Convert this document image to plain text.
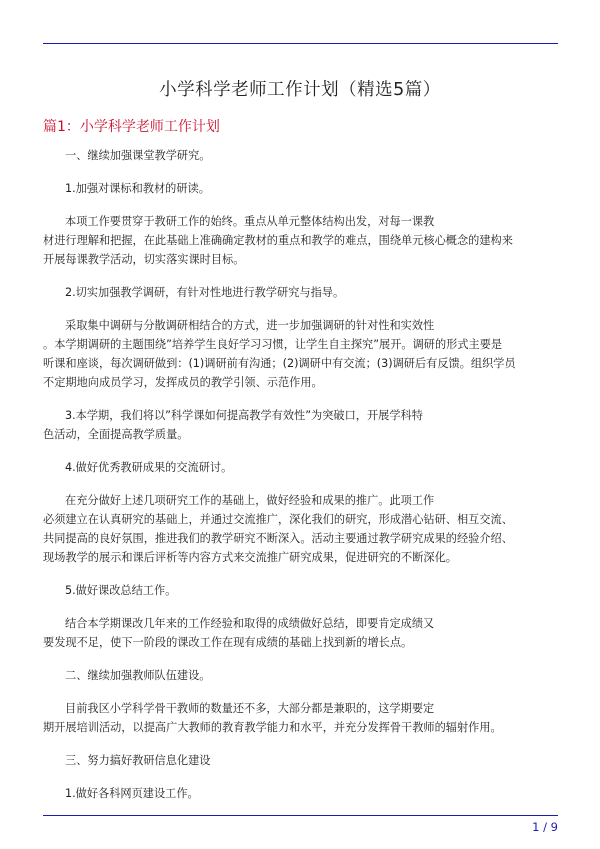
小学科学老师工作计划（精选5篇）
篇1：小学科学老师工作计划
一、继续加强课堂教学研究。
1.加强对课标和教材的研读。
本项工作要贯穿于教研工作的始终。重点从单元整体结构出发，对每一课教
材进行理解和把握，在此基础上准确确定教材的重点和教学的难点，围绕单元核心概念的建构来
开展每课教学活动，切实落实课时目标。
2.切实加强教学调研，有针对性地进行教学研究与指导。
采取集中调研与分散调研相结合的方式，进一步加强调研的针对性和实效性
。本学期调研的主题围绕”培养学生良好学习习惯，让学生自主探究”展开。调研的形式主要是
听课和座谈，每次调研做到：(1)调研前有沟通；(2)调研中有交流；(3)调研后有反馈。组织学员
不定期地向成员学习，发挥成员的教学引领、示范作用。
3.本学期，我们将以”科学课如何提高教学有效性”为突破口，开展学科特
色活动，全面提高教学质量。
4.做好优秀教研成果的交流研讨。
在充分做好上述几项研究工作的基础上，做好经验和成果的推广。此项工作
必须建立在认真研究的基础上，并通过交流推广，深化我们的研究，形成潜心钻研、相互交流、
共同提高的良好氛围，推进我们的教学研究不断深入。活动主要通过教学研究成果的经验介绍、
现场教学的展示和课后评析等内容方式来交流推广研究成果，促进研究的不断深化。
5.做好课改总结工作。
结合本学期课改几年来的工作经验和取得的成绩做好总结，即要肯定成绩又
要发现不足，使下一阶段的课改工作在现有成绩的基础上找到新的增长点。
二、继续加强教师队伍建设。
目前我区小学科学骨干教师的数量还不多，大部分都是兼职的，这学期要定
期开展培训活动，以提高广大教师的教育教学能力和水平，并充分发挥骨干教师的辐射作用。
三、努力搞好教研信息化建设
1.做好各科网页建设工作。
1 / 9
